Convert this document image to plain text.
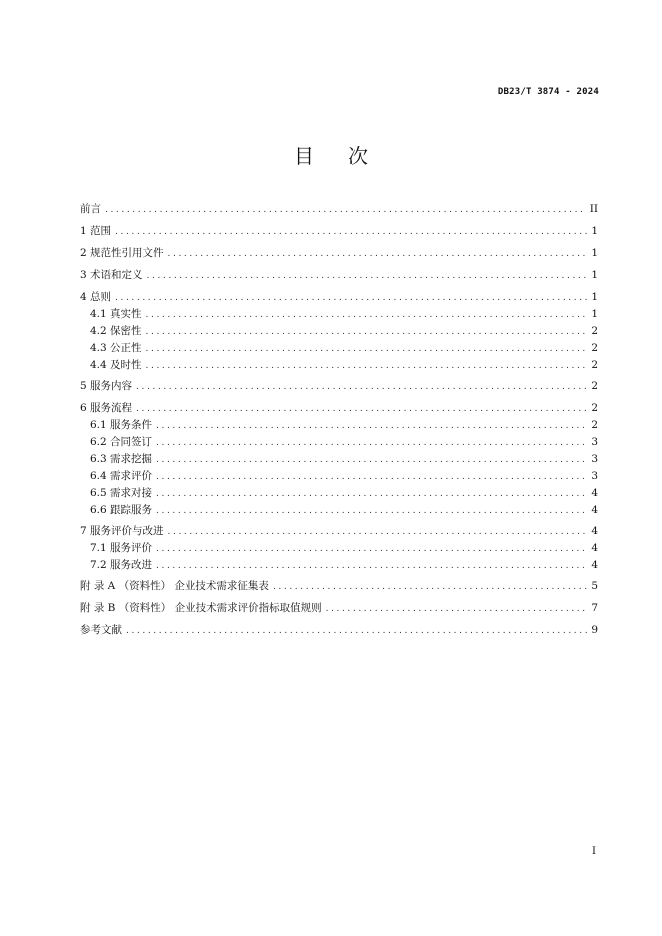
DB23/T 3874 - 2024
目次
前言 .....	II
1 范围 .....	1
2 规范性引用文件 .....	1
3 术语和定义 .....	1
4 总则 .....	1
4.1 真实性 .....	1
4.2 保密性 .....	2
4.3 公正性 .....	2
4.4 及时性 .....	2
5 服务内容 .....	2
6 服务流程 .....	2
6.1 服务条件 .....	2
6.2 合同签订 .....	3
6.3 需求挖掘 .....	3
6.4 需求评价 .....	3
6.5 需求对接 .....	4
6.6 跟踪服务 .....	4
7 服务评价与改进 .....	4
7.1 服务评价 .....	4
7.2 服务改进 .....	4
附 录 A （资料性） 企业技术需求征集表 .....	5
附 录 B （资料性） 企业技术需求评价指标取值规则 .....	7
参考文献 .....	9
I
